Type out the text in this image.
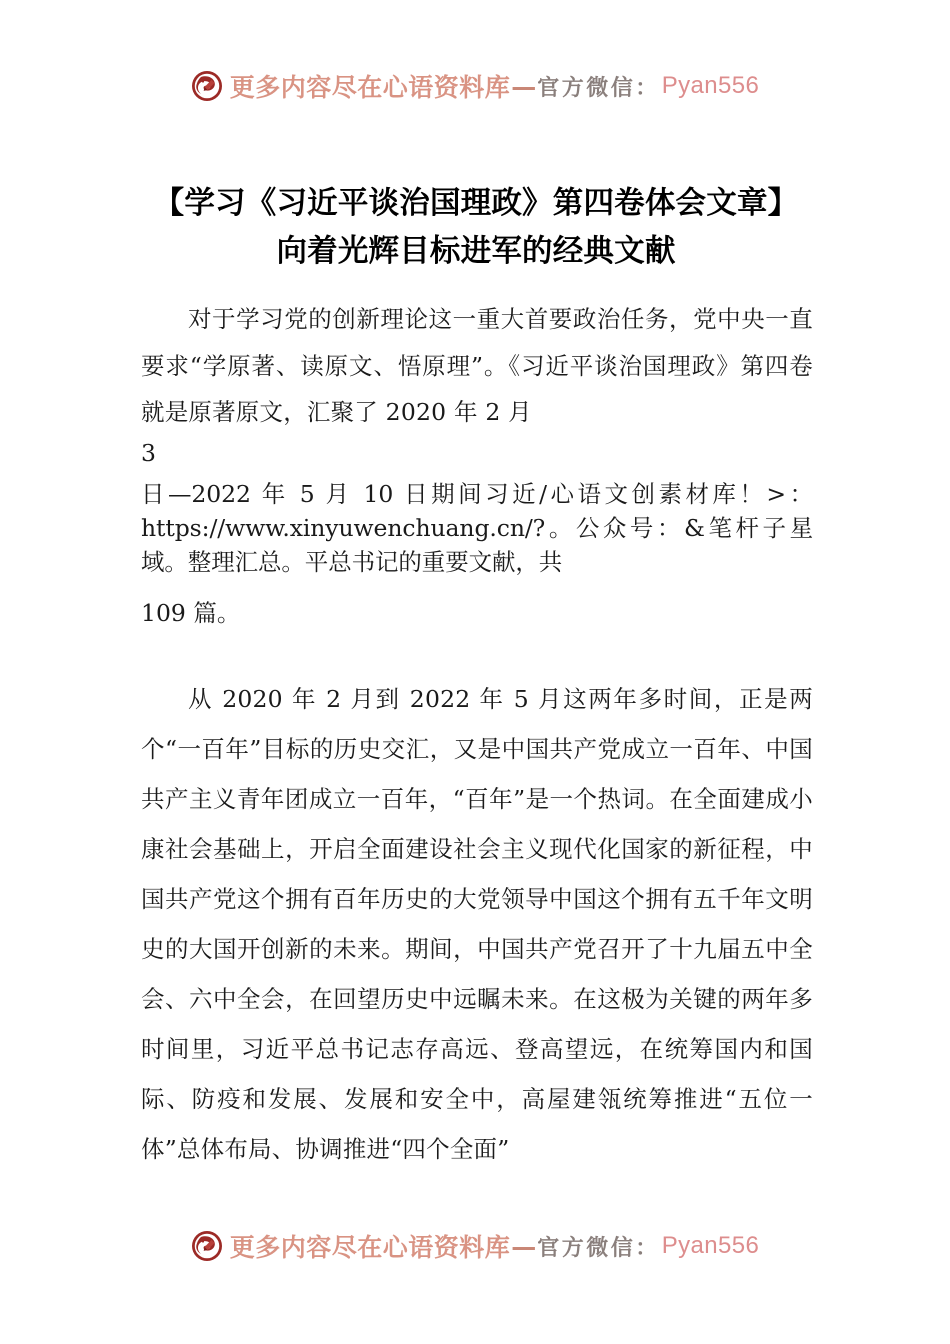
更多内容尽在心语资料库 — 官方微信： Pyan556
【学习《习近平谈治国理政》第四卷体会文章】向着光辉目标进军的经典文献

对于学习党的创新理论这一重大首要政治任务，党中央一直要求“学原著、读原文、悟原理”。《习近平谈治国理政》第四卷就是原著原文，汇聚了 2020 年 2 月

3

日—2022 年 5 月 10 日期间习近/心语文创素材库！>：https://www.xinyuwenchuang.cn/?。公众号：&笔杆子星域。整理汇总。平总书记的重要文献，共

109 篇。

从 2020 年 2 月到 2022 年 5 月这两年多时间，正是两个“一百年”目标的历史交汇，又是中国共产党成立一百年、中国共产主义青年团成立一百年，“百年”是一个热词。在全面建成小康社会基础上，开启全面建设社会主义现代化国家的新征程，中国共产党这个拥有百年历史的大党领导中国这个拥有五千年文明史的大国开创新的未来。期间，中国共产党召开了十九届五中全会、六中全会，在回望历史中远瞩未来。在这极为关键的两年多时间里，习近平总书记志存高远、登高望远，在统筹国内和国际、防疫和发展、发展和安全中，高屋建瓴统筹推进“五位一体”总体布局、协调推进“四个全面”

更多内容尽在心语资料库 — 官方微信： Pyan556
